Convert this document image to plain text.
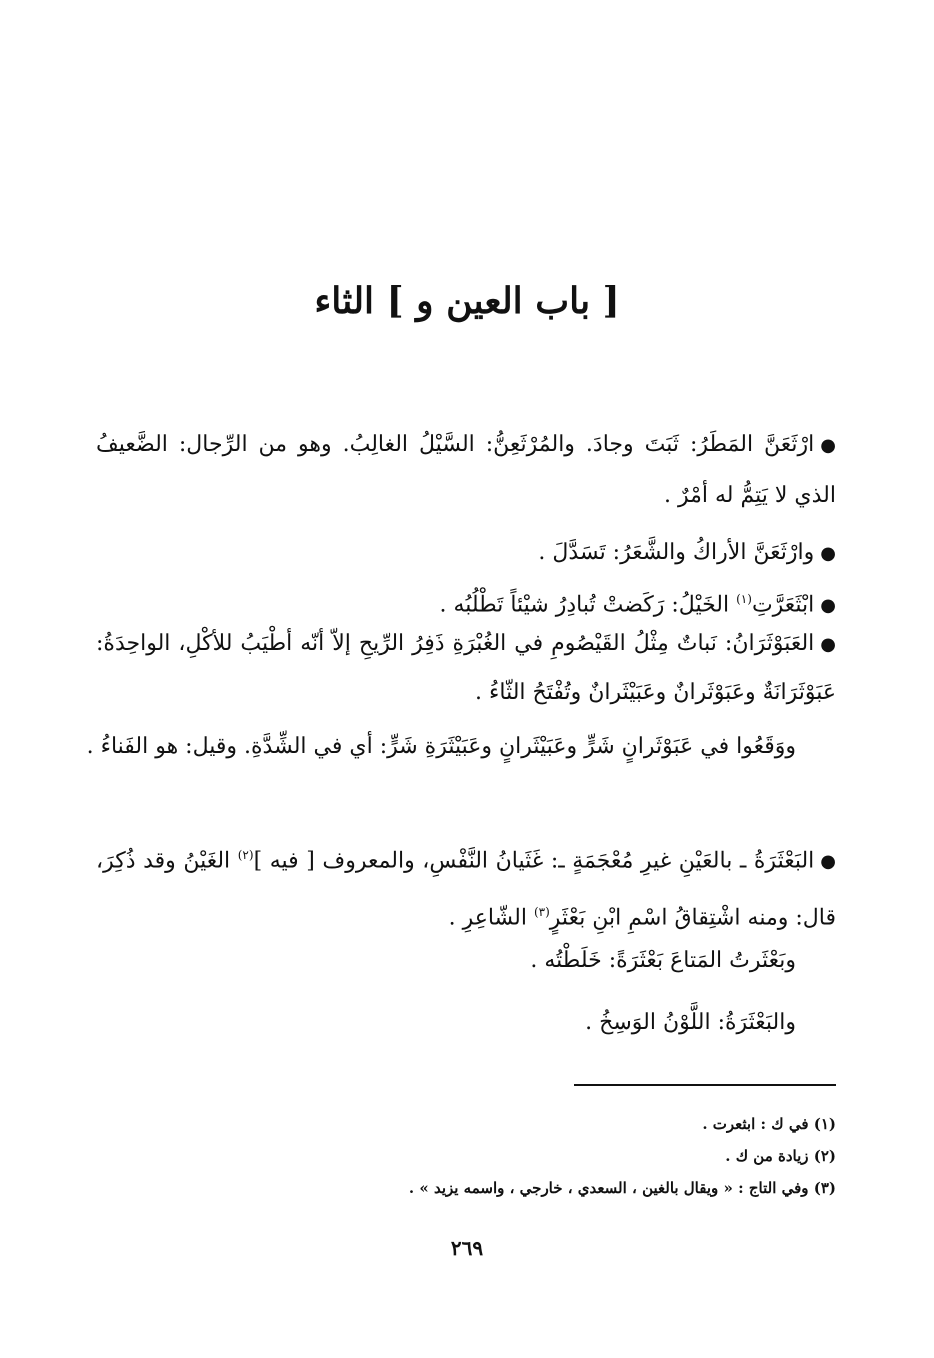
[ باب العين و ] الثاء

●ارْثَعَنَّ المَطَرُ: ثَبَتَ وجادَ. والمُرْثَعِنُّ: السَّيْلُ الغالِبُ. وهو من الرِّجال: الضَّعيفُ الذي لا يَتِمُّ له أمْرٌ .

●وارْثَعَنَّ الأراكُ والشَّعَرُ: تَسَدَّلَ .

●ابْثَعَرَّتِ$^{(١)}$ الخَيْلُ: رَكَضتْ تُبادِرُ شيْئاً تَطْلُبُه .

●العَبَوْثَرَانُ: نَباتٌ مِثْلُ القَيْصُومِ في الغُبْرَةِ ذَفِرُ الرِّيحِ إلاّ أنّه أطْيَبُ للأكْلِ، الواحِدَةُ: عَبَوْثَرَانَةٌ وعَبَوْثَرانٌ وعَبَيْثَرانٌ وتُفْتَحُ الثّاءُ .

ووَقَعُوا في عَبَوْثَرانٍ شَرٍّ وعَبَيْثَرانٍ وعَبَيْثَرَةِ شَرٍّ: أي في الشِّدَّةِ. وقيل: هو الفَناءُ .

●البَعْثَرَةُ ـ بالعَيْنِ غيرِ مُعْجَمَةٍ ـ: غَثَيانُ النَّفْسِ، والمعروف [ فيه ]$^{(٢)}$ الغَيْنُ وقد ذُكِرَ، قال: ومنه اشْتِقاقُ اسْمِ ابْنِ بَعْثَرٍ$^{(٣)}$ الشّاعِرِ .

وبَعْثَرتُ المَتاعَ بَعْثَرَةً: خَلَطْتُه .

والبَعْثَرَةُ: اللَّوْنُ الوَسِخُ .

(١) في ك : ابثعرت .
(٢) زيادة من ك .
(٣) وفي التاج : « ويقال بالغين ، السعدي ، خارجي ، واسمه يزيد » .
٢٦٩
